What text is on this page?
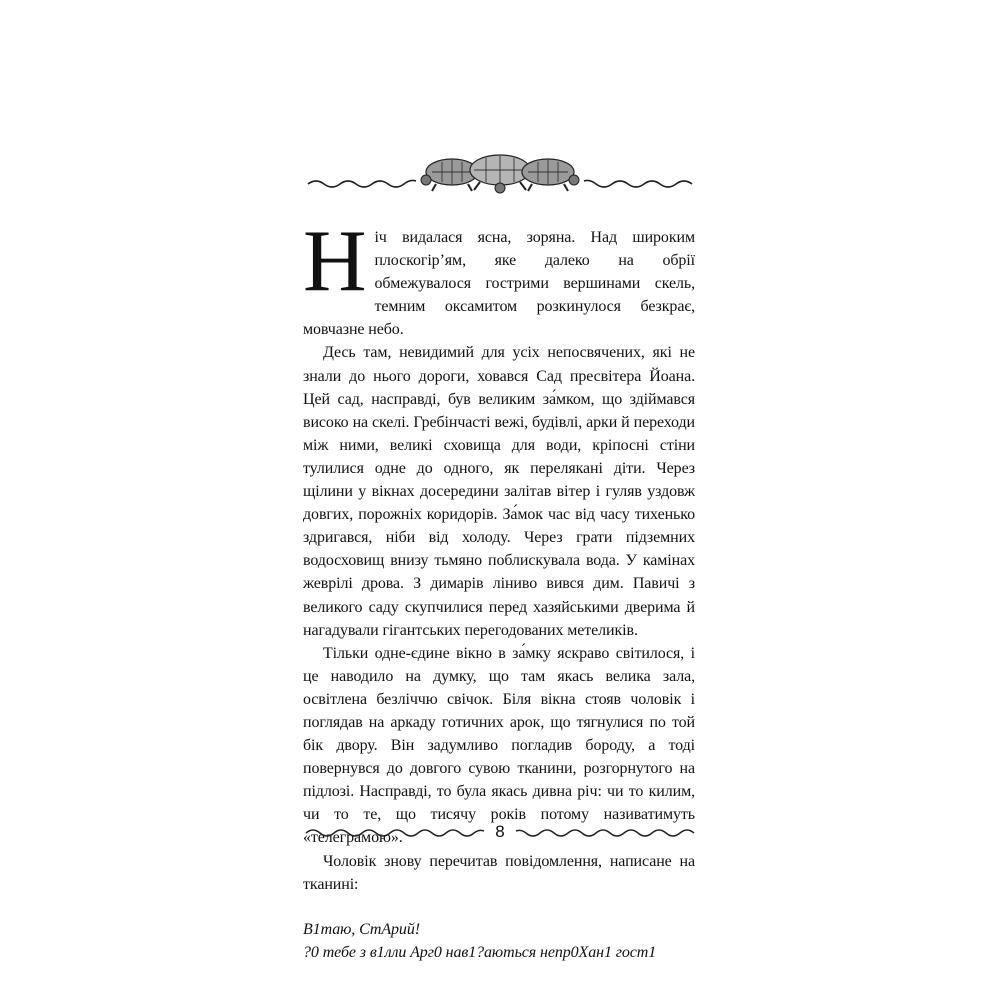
Ніч видалася ясна, зоряна. Над широким плоскогір’ям, яке далеко на обрії обмежувалося гострими вершинами скель, темним оксамитом розкинулося безкрає, мовчазне небо.

Десь там, невидимий для усіх непосвячених, які не знали до нього дороги, ховався Сад пресвітера Йоана. Цей сад, насправді, був великим за́мком, що здіймався високо на скелі. Гребінчасті вежі, будівлі, арки й переходи між ними, великі сховища для води, кріпосні стіни тулилися одне до одного, як перелякані діти. Через щілини у вікнах досередини залітав вітер і гуляв уздовж довгих, порожніх коридорів. За́мок час від часу тихенько здригався, ніби від холоду. Через грати підземних водосховищ внизу тьмяно поблискувала вода. У камінах жеврілі дрова. З димарів ліниво вився дим. Павичі з великого саду скупчилися перед хазяйськими дверима й нагадували гігантських перегодованих метеликів.

Тільки одне-єдине вікно в за́мку яскраво світилося, і це наводило на думку, що там якась велика зала, освітлена безліччю свічок. Біля вікна стояв чоловік і поглядав на аркаду готичних арок, що тягнулися по той бік двору. Він задумливо погладив бороду, а тоді повернувся до довгого сувою тканини, розгорнутого на підлозі. Насправді, то була якась дивна річ: чи то килим, чи то те, що тисячу років потому називатимуть «телеграмою».

Чоловік знову перечитав повідомлення, написане на тканині:

В1таю, СтАрий!

?0 тебе з в1лли Арг0 нав1?аються непр0Хан1 гост1

8
